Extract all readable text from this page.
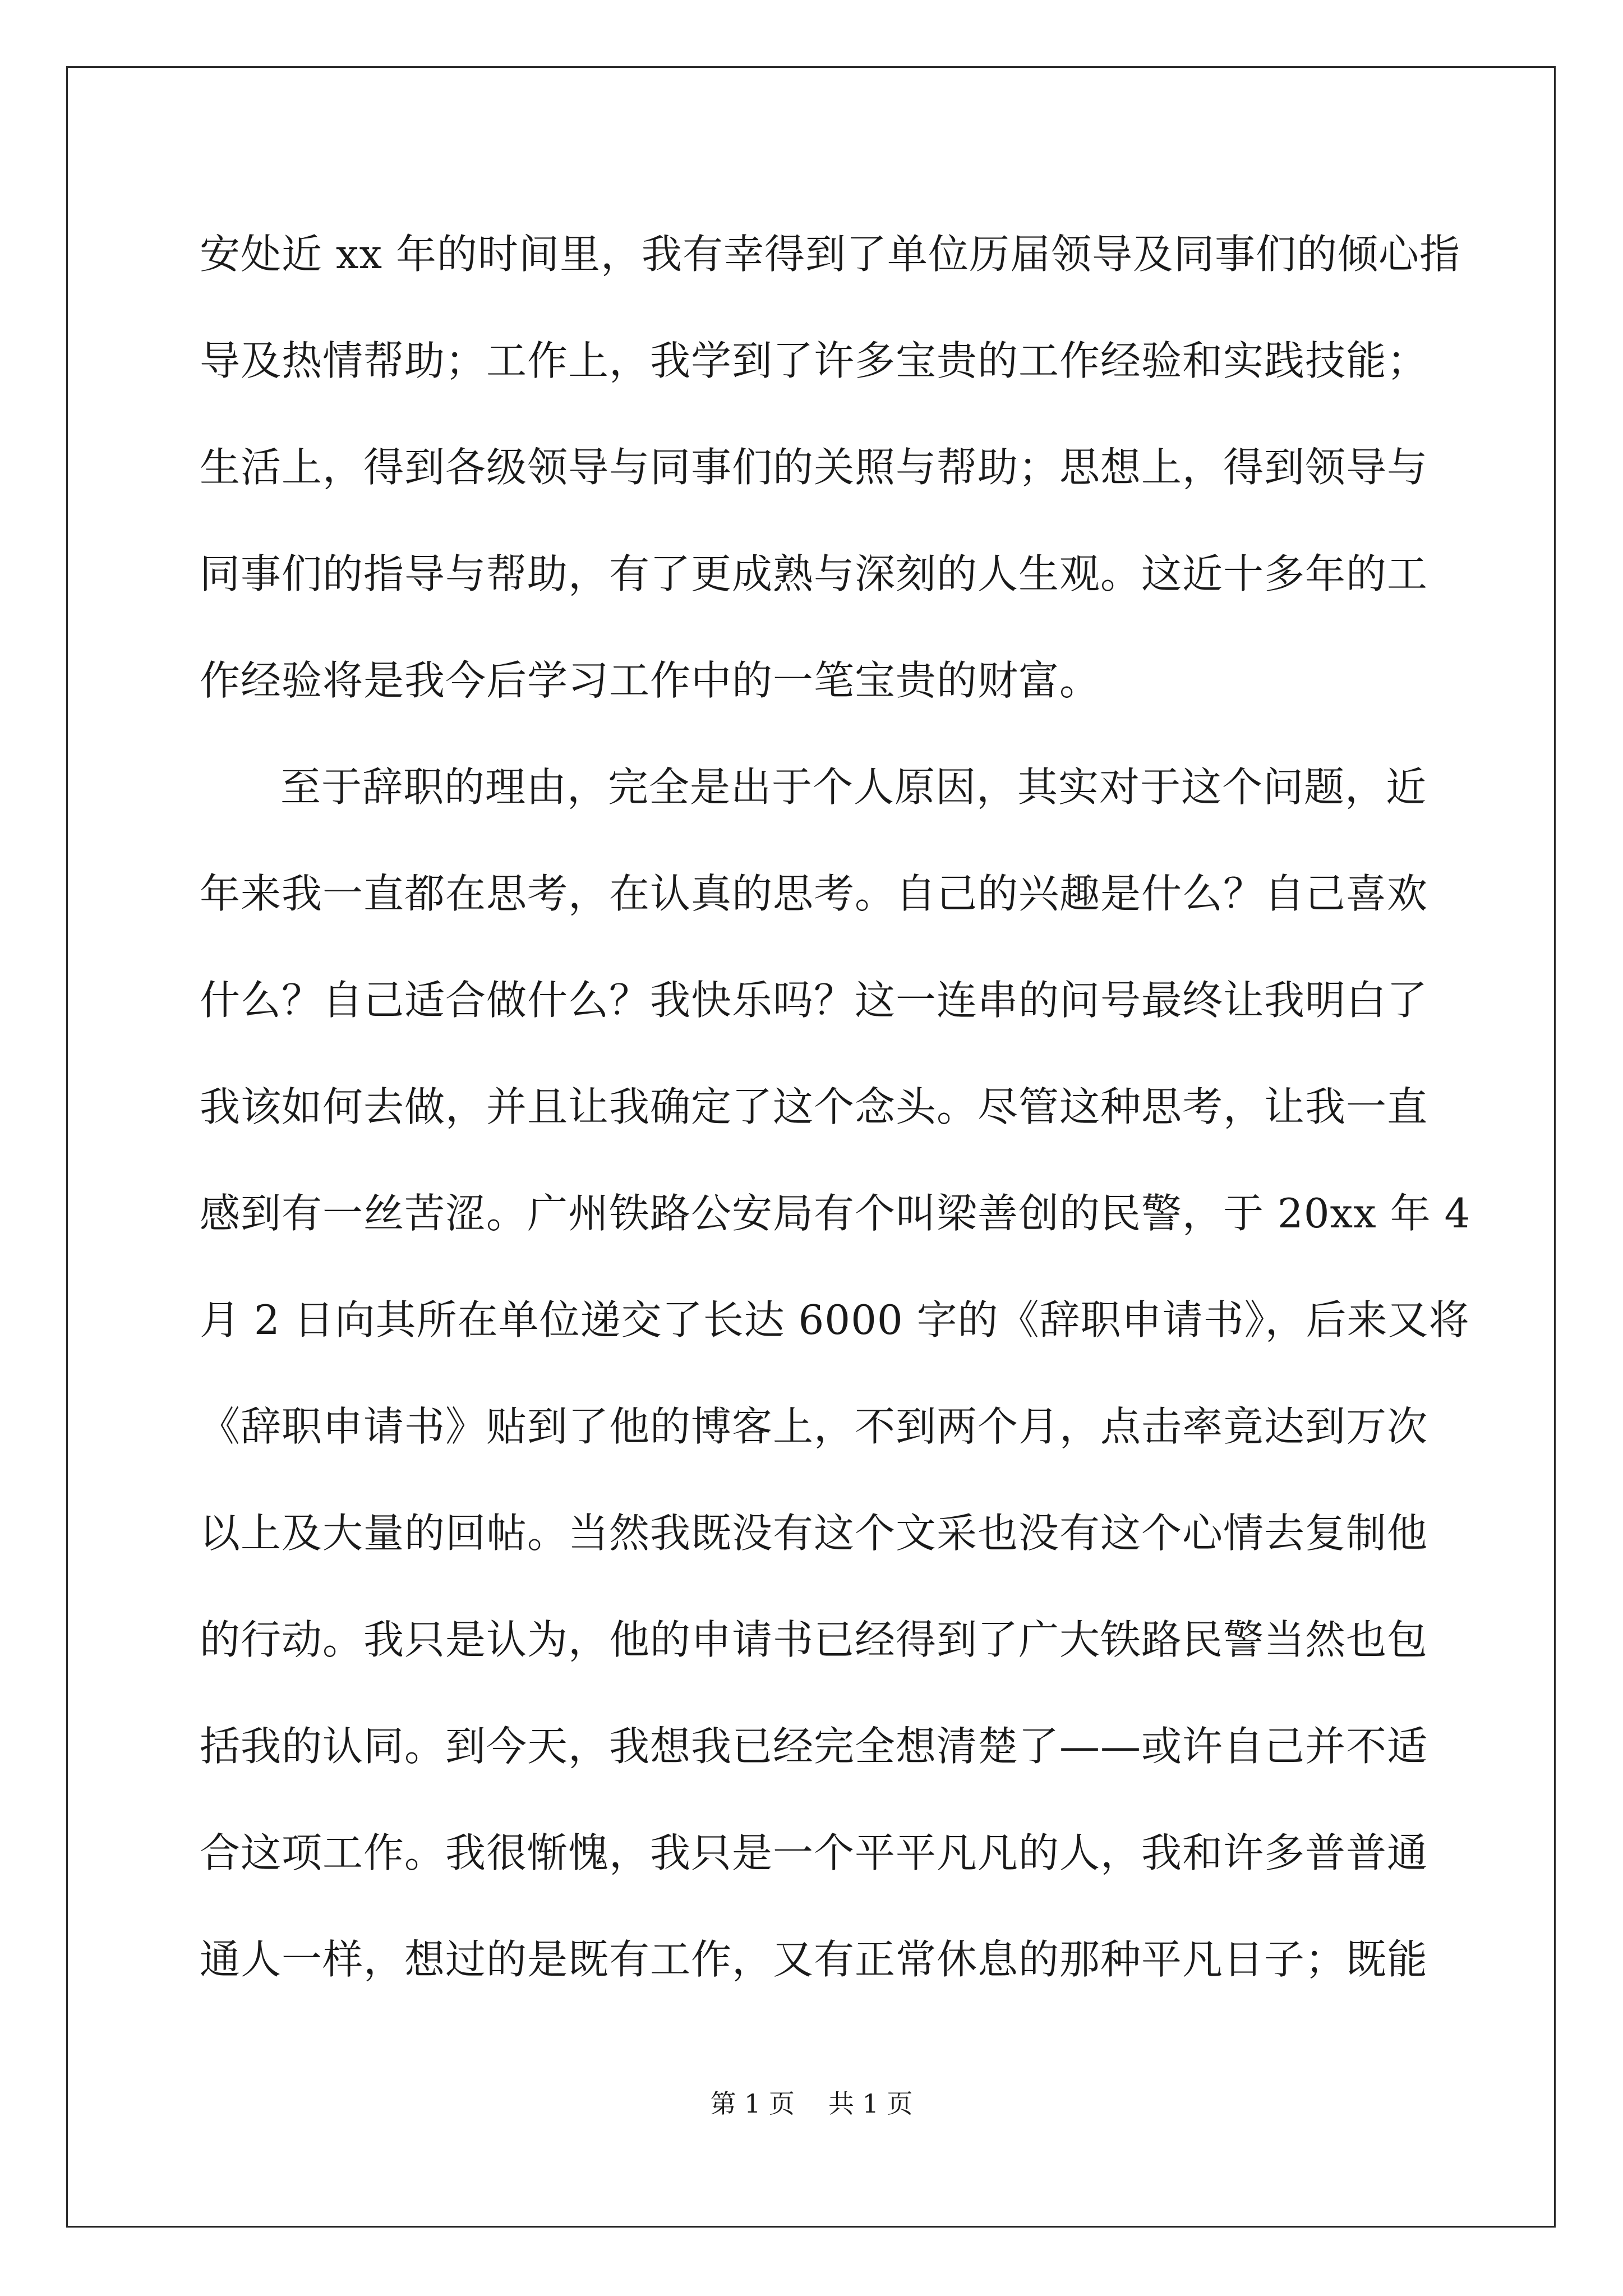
安处近 xx 年的时间里，我有幸得到了单位历届领导及同事们的倾心指
导及热情帮助；工作上，我学到了许多宝贵的工作经验和实践技能；
生活上，得到各级领导与同事们的关照与帮助；思想上，得到领导与
同事们的指导与帮助，有了更成熟与深刻的人生观。这近十多年的工
作经验将是我今后学习工作中的一笔宝贵的财富。
至于辞职的理由，完全是出于个人原因，其实对于这个问题，近
年来我一直都在思考，在认真的思考。自己的兴趣是什么？自己喜欢
什么？自己适合做什么？我快乐吗？这一连串的问号最终让我明白了
我该如何去做，并且让我确定了这个念头。尽管这种思考，让我一直
感到有一丝苦涩。广州铁路公安局有个叫梁善创的民警，于 20xx 年 4
月 2 日向其所在单位递交了长达 6000 字的《辞职申请书》，后来又将
《辞职申请书》贴到了他的博客上，不到两个月，点击率竟达到万次
以上及大量的回帖。当然我既没有这个文采也没有这个心情去复制他
的行动。我只是认为，他的申请书已经得到了广大铁路民警当然也包
括我的认同。到今天，我想我已经完全想清楚了——或许自己并不适
合这项工作。我很惭愧，我只是一个平平凡凡的人，我和许多普普通
通人一样，想过的是既有工作，又有正常休息的那种平凡日子；既能
第 1 页 共 1 页
